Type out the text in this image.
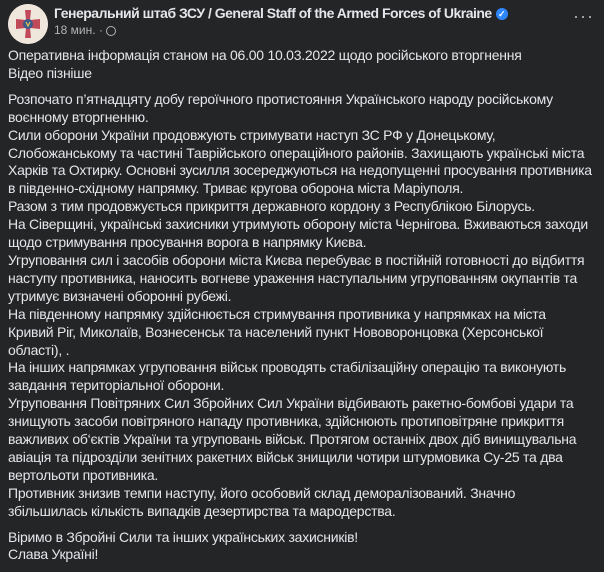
Генеральний штаб ЗСУ / General Staff of the Armed Forces of Ukraine ✓
18 мин. ·
···
Оперативна інформація станом на 06.00 10.03.2022 щодо російського вторгнення
Відео пізніше
Розпочато п’ятнадцяту добу героїчного протистояння Українського народу російському
воєнному вторгненню.
Сили оборони України продовжують стримувати наступ ЗС РФ у Донецькому,
Слобожанському та частині Таврійського операційного районів. Захищають українські міста
Харків та Охтирку. Основні зусилля зосереджуються на недопущенні просування противника
в південно-східному напрямку. Триває кругова оборона міста Маріуполя.
Разом з тим продовжується прикриття державного кордону з Республікою Білорусь.
На Сіверщині, українські захисники утримують оборону міста Чернігова. Вживаються заходи
щодо стримування просування ворога в напрямку Києва.
Угруповання сил і засобів оборони міста Києва перебуває в постійній готовності до відбиття
наступу противника, наносить вогневе ураження наступальним угрупованням окупантів та
утримує визначені оборонні рубежі.
На південному напрямку здійснюється стримування противника у напрямках на міста
Кривий Ріг, Миколаїв, Вознесенськ та населений пункт Нововоронцовка (Херсонської
області), .
На інших напрямках угруповання військ проводять стабілізаційну операцію та виконують
завдання територіальної оборони.
Угруповання Повітряних Сил Збройних Сил України відбивають ракетно-бомбові удари та
знищують засоби повітряного нападу противника, здійснюють протиповітряне прикриття
важливих об‘єктів України та угруповань військ. Протягом останніх двох діб винищувальна
авіація та підрозділи зенітних ракетних військ знищили чотири штурмовика Су-25 та два
вертольоти противника.
Противник знизив темпи наступу, його особовий склад деморалізований. Значно
збільшилась кількість випадків дезертирства та мародерства.
Віримо в Збройні Сили та інших українських захисників!
Слава Україні!
